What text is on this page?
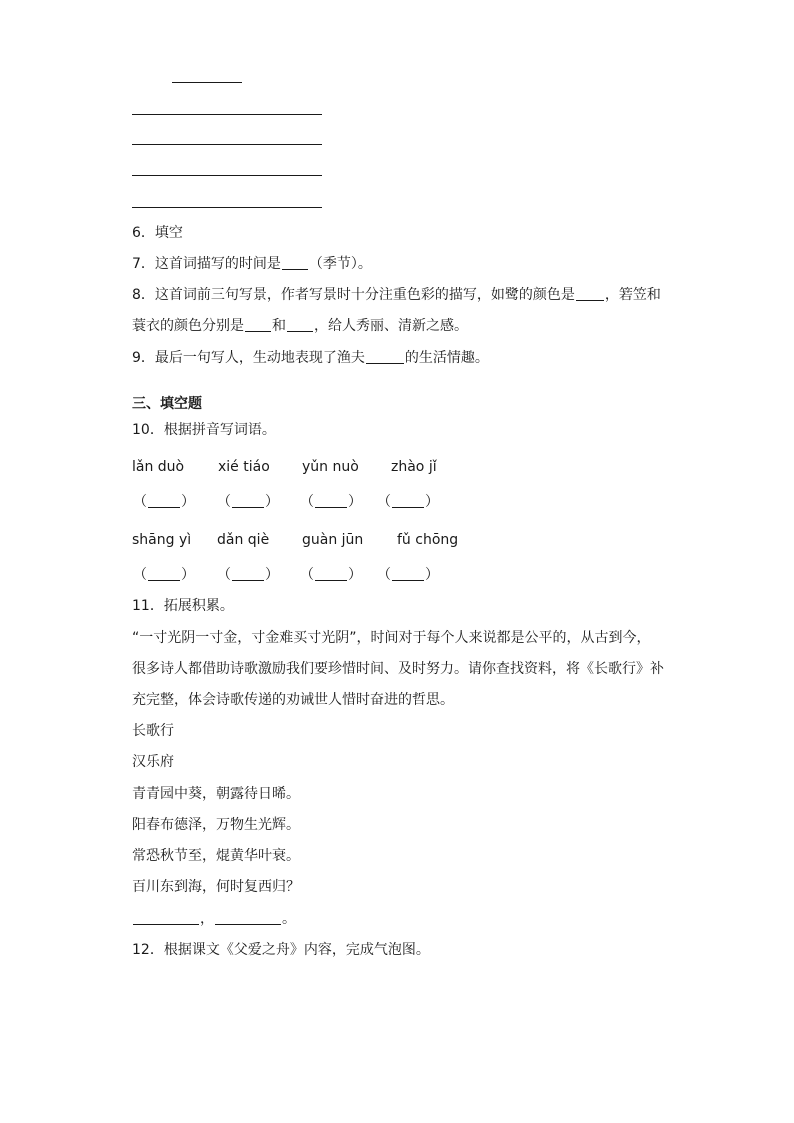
6．填空
7．这首词描写的时间是 （季节）。
8．这首词前三句写景，作者写景时十分注重色彩的描写，如鹭的颜色是 ，箬笠和
蓑衣的颜色分别是 和 ，给人秀丽、清新之感。
9．最后一句写人，生动地表现了渔夫	的生活情趣。
三、填空题
10．根据拼音写词语。
lǎn duò xié tiáo yǔn nuò zhào jǐ
（ ） （ ） （ ） （ ）
shāng yì dǎn qiè guàn jūn fǔ chōng
（ ） （ ） （ ） （ ）
11．拓展积累。
“一寸光阴一寸金，寸金难买寸光阴”，时间对于每个人来说都是公平的，从古到今，
很多诗人都借助诗歌激励我们要珍惜时间、及时努力。请你查找资料，将《长歌行》补
充完整，体会诗歌传递的劝诫世人惜时奋进的哲思。
长歌行
汉乐府
青青园中葵，朝露待日晞。
阳春布德泽，万物生光辉。
常恐秋节至，焜黄华叶衰。
百川东到海，何时复西归？
，	。
12．根据课文《父爱之舟》内容，完成气泡图。
